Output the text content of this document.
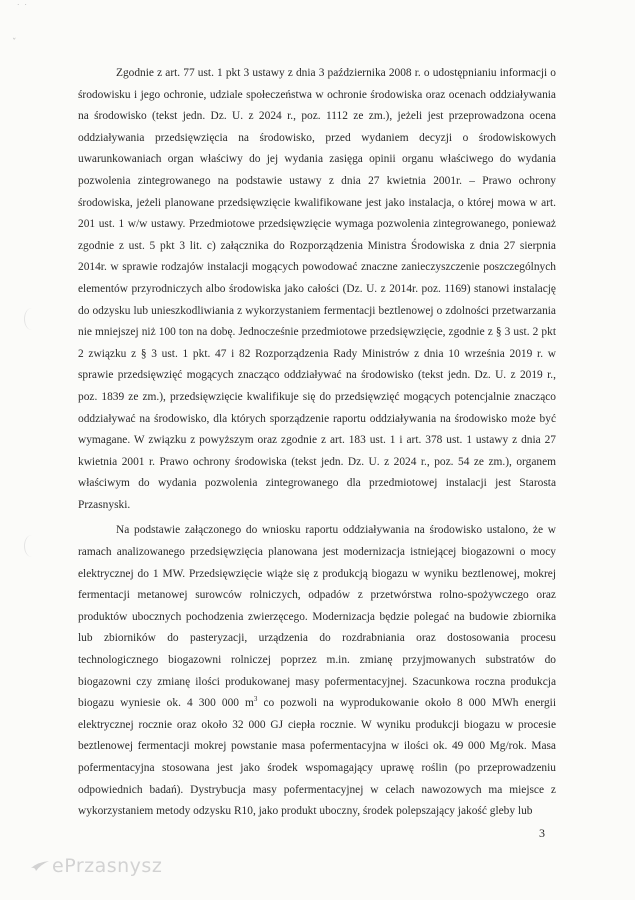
˙ ˙
ˇ

Zgodnie z art. 77 ust. 1 pkt 3 ustawy z dnia 3 października 2008 r. o udostępnianiu informacji o środowisku i jego ochronie, udziale społeczeństwa w ochronie środowiska oraz ocenach oddziaływania na środowisko (tekst jedn. Dz. U. z 2024 r., poz. 1112 ze zm.), jeżeli jest przeprowadzona ocena oddziaływania przedsięwzięcia na środowisko, przed wydaniem decyzji o środowiskowych uwarunkowaniach organ właściwy do jej wydania zasięga opinii organu właściwego do wydania pozwolenia zintegrowanego na podstawie ustawy z dnia 27 kwietnia 2001r. – Prawo ochrony środowiska, jeżeli planowane przedsięwzięcie kwalifikowane jest jako instalacja, o której mowa w art. 201 ust. 1 w/w ustawy. Przedmiotowe przedsięwzięcie wymaga pozwolenia zintegrowanego, ponieważ zgodnie z ust. 5 pkt 3 lit. c) załącznika do Rozporządzenia Ministra Środowiska z dnia 27 sierpnia 2014r. w sprawie rodzajów instalacji mogących powodować znaczne zanieczyszczenie poszczególnych elementów przyrodniczych albo środowiska jako całości (Dz. U. z 2014r. poz. 1169) stanowi instalację do odzysku lub unieszkodliwiania z wykorzystaniem fermentacji beztlenowej o zdolności przetwarzania nie mniejszej niż 100 ton na dobę. Jednocześnie przedmiotowe przedsięwzięcie, zgodnie z § 3 ust. 2 pkt 2 związku z § 3 ust. 1 pkt. 47 i 82 Rozporządzenia Rady Ministrów z dnia 10 września 2019 r. w sprawie przedsięwzięć mogących znacząco oddziaływać na środowisko (tekst jedn. Dz. U. z 2019 r., poz. 1839 ze zm.), przedsięwzięcie kwalifikuje się do przedsięwzięć mogących potencjalnie znacząco oddziaływać na środowisko, dla których sporządzenie raportu oddziaływania na środowisko może być wymagane. W związku z powyższym oraz zgodnie z art. 183 ust. 1 i art. 378 ust. 1 ustawy z dnia 27 kwietnia 2001 r. Prawo ochrony środowiska (tekst jedn. Dz. U. z 2024 r., poz. 54 ze zm.), organem właściwym do wydania pozwolenia zintegrowanego dla przedmiotowej instalacji jest Starosta Przasnyski.

Na podstawie załączonego do wniosku raportu oddziaływania na środowisko ustalono, że w ramach analizowanego przedsięwzięcia planowana jest modernizacja istniejącej biogazowni o mocy elektrycznej do 1 MW. Przedsięwzięcie wiąże się z produkcją biogazu w wyniku beztlenowej, mokrej fermentacji metanowej surowców rolniczych, odpadów z przetwórstwa rolno-spożywczego oraz produktów ubocznych pochodzenia zwierzęcego. Modernizacja będzie polegać na budowie zbiornika lub zbiorników do pasteryzacji, urządzenia do rozdrabniania oraz dostosowania procesu technologicznego biogazowni rolniczej poprzez m.in. zmianę przyjmowanych substratów do biogazowni czy zmianę ilości produkowanej masy pofermentacyjnej. Szacunkowa roczna produkcja biogazu wyniesie ok. 4 300 000 $m^3$ co pozwoli na wyprodukowanie około 8 000 MWh energii elektrycznej rocznie oraz około 32 000 GJ ciepła rocznie. W wyniku produkcji biogazu w procesie beztlenowej fermentacji mokrej powstanie masa pofermentacyjna w ilości ok. 49 000 Mg/rok. Masa pofermentacyjna stosowana jest jako środek wspomagający uprawę roślin (po przeprowadzeniu odpowiednich badań). Dystrybucja masy pofermentacyjnej w celach nawozowych ma miejsce z wykorzystaniem metody odzysku R10, jako produkt uboczny, środek polepszający jakość gleby lub

3
ePrzasnysz
